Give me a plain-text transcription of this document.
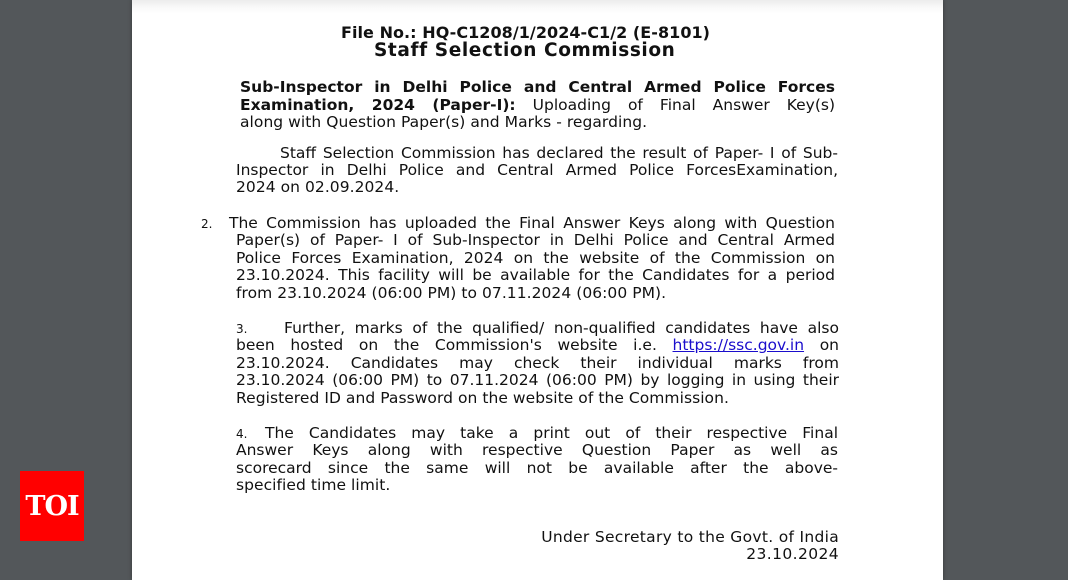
File No.: HQ-C1208/1/2024-C1/2 (E-8101)
Staff Selection Commission
Sub-Inspector in Delhi Police and Central Armed Police Forces
Examination, 2024 (Paper-I): Uploading of Final Answer Key(s)
along with Question Paper(s) and Marks - regarding.
Staff Selection Commission has declared the result of Paper- I of Sub-
Inspector in Delhi Police and Central Armed Police ForcesExamination,
2024 on 02.09.2024.
2. The Commission has uploaded the Final Answer Keys along with Question
Paper(s) of Paper- I of Sub-Inspector in Delhi Police and Central Armed
Police Forces Examination, 2024 on the website of the Commission on
23.10.2024. This facility will be available for the Candidates for a period
from 23.10.2024 (06:00 PM) to 07.11.2024 (06:00 PM).
3. Further, marks of the qualified/ non-qualified candidates have also
been hosted on the Commission's website i.e. https://ssc.gov.in on
23.10.2024. Candidates may check their individual marks from
23.10.2024 (06:00 PM) to 07.11.2024 (06:00 PM) by logging in using their
Registered ID and Password on the website of the Commission.
4. The Candidates may take a print out of their respective Final
Answer Keys along with respective Question Paper as well as
scorecard since the same will not be available after the above-
specified time limit.
Under Secretary to the Govt. of India
23.10.2024
TOI
